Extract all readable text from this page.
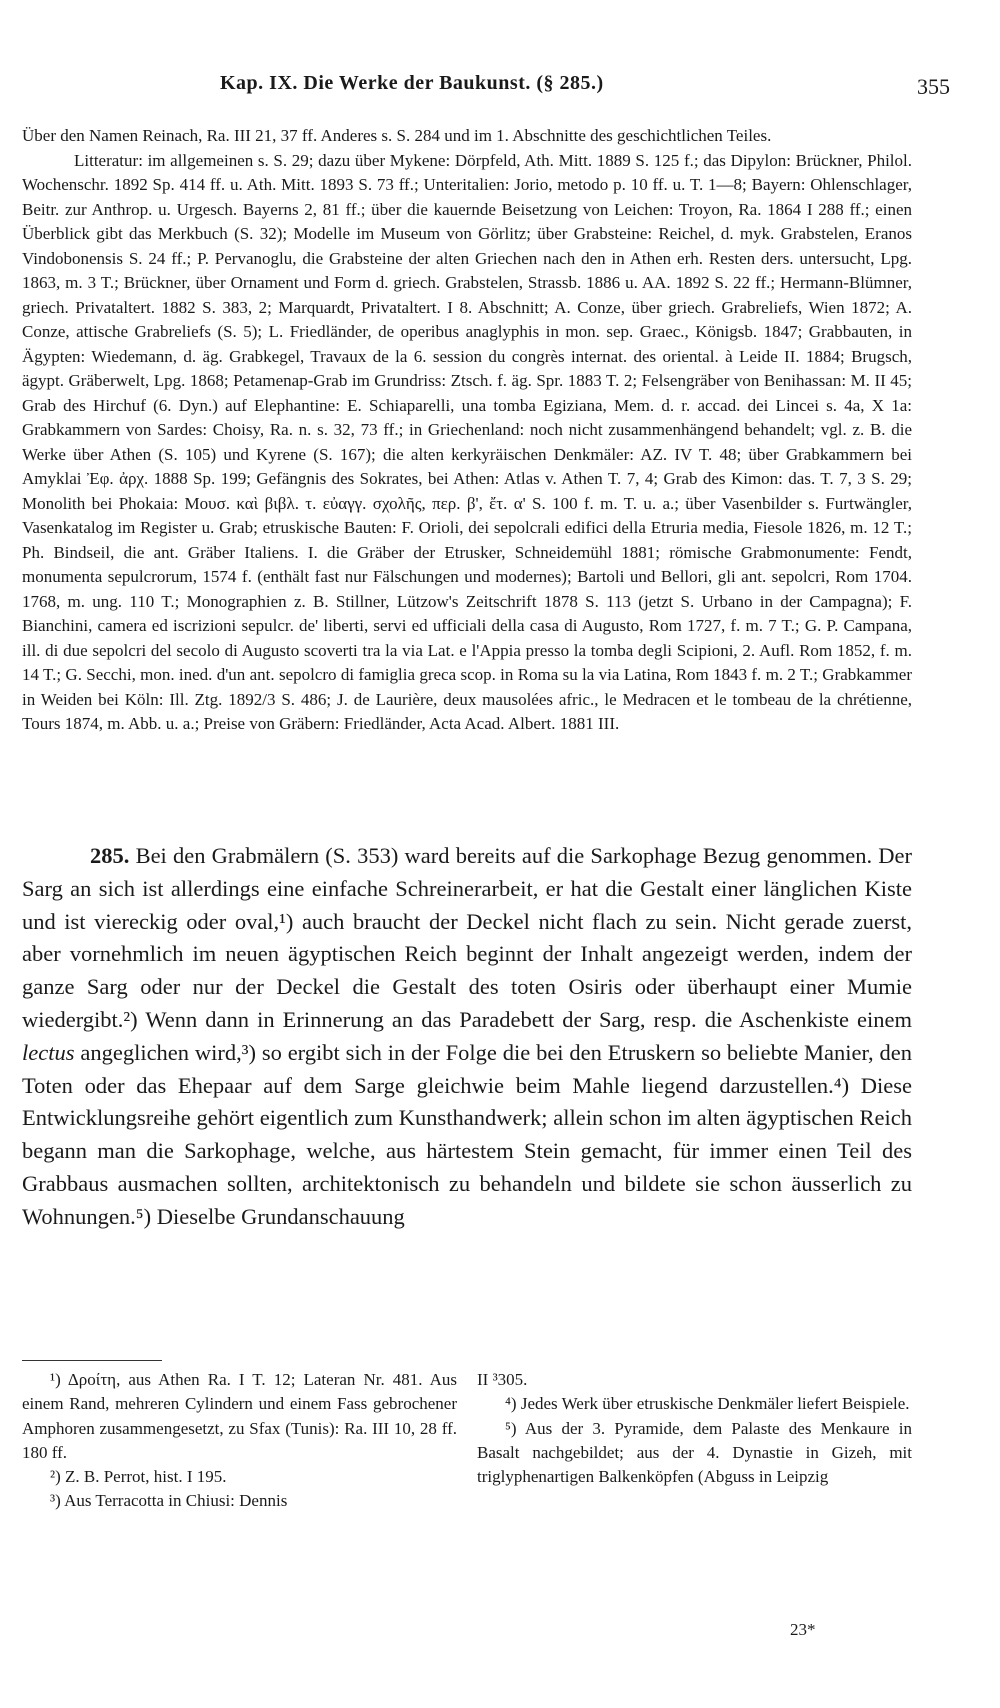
Kap. IX. Die Werke der Baukunst. (§ 285.)	355

Über den Namen Reinach, Ra. III 21, 37 ff. Anderes s. S. 284 und im 1. Abschnitte des geschichtlichen Teiles.

Litteratur: im allgemeinen s. S. 29; dazu über Mykene: Dörpfeld, Ath. Mitt. 1889 S. 125 f.; das Dipylon: Brückner, Philol. Wochenschr. 1892 Sp. 414 ff. u. Ath. Mitt. 1893 S. 73 ff.; Unteritalien: Jorio, metodo p. 10 ff. u. T. 1—8; Bayern: Ohlenschlager, Beitr. zur Anthrop. u. Urgesch. Bayerns 2, 81 ff.; über die kauernde Beisetzung von Leichen: Troyon, Ra. 1864 I 288 ff.; einen Überblick gibt das Merkbuch (S. 32); Modelle im Museum von Görlitz; über Grabsteine: Reichel, d. myk. Grabstelen, Eranos Vindobonensis S. 24 ff.; P. Pervanoglu, die Grabsteine der alten Griechen nach den in Athen erh. Resten ders. untersucht, Lpg. 1863, m. 3 T.; Brückner, über Ornament und Form d. griech. Grabstelen, Strassb. 1886 u. AA. 1892 S. 22 ff.; Hermann-Blümner, griech. Privataltert. 1882 S. 383, 2; Marquardt, Privataltert. I 8. Abschnitt; A. Conze, über griech. Grabreliefs, Wien 1872; A. Conze, attische Grabreliefs (S. 5); L. Friedländer, de operibus anaglyphis in mon. sep. Graec., Königsb. 1847; Grabbauten, in Ägypten: Wiedemann, d. äg. Grabkegel, Travaux de la 6. session du congrès internat. des oriental. à Leide II. 1884; Brugsch, ägypt. Gräberwelt, Lpg. 1868; Petamenap-Grab im Grundriss: Ztsch. f. äg. Spr. 1883 T. 2; Felsengräber von Benihassan: M. II 45; Grab des Hirchuf (6. Dyn.) auf Elephantine: E. Schiaparelli, una tomba Egiziana, Mem. d. r. accad. dei Lincei s. 4a, X 1a: Grabkammern von Sardes: Choisy, Ra. n. s. 32, 73 ff.; in Griechenland: noch nicht zusammenhängend behandelt; vgl. z. B. die Werke über Athen (S. 105) und Kyrene (S. 167); die alten kerkyräischen Denkmäler: AZ. IV T. 48; über Grabkammern bei Amyklai Ἐφ. ἀρχ. 1888 Sp. 199; Gefängnis des Sokrates, bei Athen: Atlas v. Athen T. 7, 4; Grab des Kimon: das. T. 7, 3 S. 29; Monolith bei Phokaia: Μουσ. καὶ βιβλ. τ. εὐαγγ. σχολῆς, περ. β', ἔτ. α' S. 100 f. m. T. u. a.; über Vasenbilder s. Furtwängler, Vasenkatalog im Register u. Grab; etruskische Bauten: F. Orioli, dei sepolcrali edifici della Etruria media, Fiesole 1826, m. 12 T.; Ph. Bindseil, die ant. Gräber Italiens. I. die Gräber der Etrusker, Schneidemühl 1881; römische Grabmonumente: Fendt, monumenta sepulcrorum, 1574 f. (enthält fast nur Fälschungen und modernes); Bartoli und Bellori, gli ant. sepolcri, Rom 1704. 1768, m. ung. 110 T.; Monographien z. B. Stillner, Lützow's Zeitschrift 1878 S. 113 (jetzt S. Urbano in der Campagna); F. Bianchini, camera ed iscrizioni sepulcr. de' liberti, servi ed ufficiali della casa di Augusto, Rom 1727, f. m. 7 T.; G. P. Campana, ill. di due sepolcri del secolo di Augusto scoverti tra la via Lat. e l'Appia presso la tomba degli Scipioni, 2. Aufl. Rom 1852, f. m. 14 T.; G. Secchi, mon. ined. d'un ant. sepolcro di famiglia greca scop. in Roma su la via Latina, Rom 1843 f. m. 2 T.; Grabkammer in Weiden bei Köln: Ill. Ztg. 1892/3 S. 486; J. de Laurière, deux mausolées afric., le Medracen et le tombeau de la chrétienne, Tours 1874, m. Abb. u. a.; Preise von Gräbern: Friedländer, Acta Acad. Albert. 1881 III.

285. Bei den Grabmälern (S. 353) ward bereits auf die Sarkophage Bezug genommen. Der Sarg an sich ist allerdings eine einfache Schreinerarbeit, er hat die Gestalt einer länglichen Kiste und ist viereckig oder oval,¹) auch braucht der Deckel nicht flach zu sein. Nicht gerade zuerst, aber vornehmlich im neuen ägyptischen Reich beginnt der Inhalt angezeigt werden, indem der ganze Sarg oder nur der Deckel die Gestalt des toten Osiris oder überhaupt einer Mumie wiedergibt.²) Wenn dann in Erinnerung an das Paradebett der Sarg, resp. die Aschenkiste einem lectus angeglichen wird,³) so ergibt sich in der Folge die bei den Etruskern so beliebte Manier, den Toten oder das Ehepaar auf dem Sarge gleichwie beim Mahle liegend darzustellen.⁴) Diese Entwicklungsreihe gehört eigentlich zum Kunsthandwerk; allein schon im alten ägyptischen Reich begann man die Sarkophage, welche, aus härtestem Stein gemacht, für immer einen Teil des Grabbaus ausmachen sollten, architektonisch zu behandeln und bildete sie schon äusserlich zu Wohnungen.⁵) Dieselbe Grundanschauung

¹) Δροίτη, aus Athen Ra. I T. 12; Lateran Nr. 481. Aus einem Rand, mehreren Cylindern und einem Fass gebrochener Amphoren zusammengesetzt, zu Sfax (Tunis): Ra. III 10, 28 ff. 180 ff.

²) Z. B. Perrot, hist. I 195.

³) Aus Terracotta in Chiusi: Dennis

II ³305.

⁴) Jedes Werk über etruskische Denkmäler liefert Beispiele.

⁵) Aus der 3. Pyramide, dem Palaste des Menkaure in Basalt nachgebildet; aus der 4. Dynastie in Gizeh, mit triglyphenartigen Balkenköpfen (Abguss in Leipzig

23*
